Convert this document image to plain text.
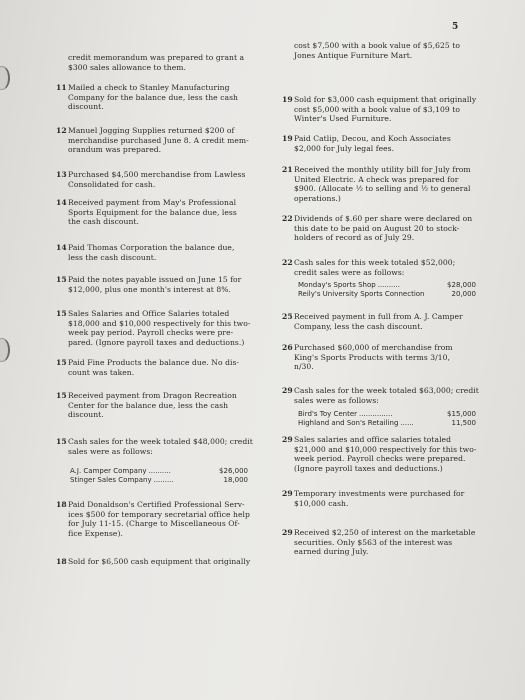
5
credit memorandum was prepared to grant a
$300 sales allowance to them.
11Mailed a check to Stanley Manufacturing
Company for the balance due, less the cash
discount.
12Manuel Jogging Supplies returned $200 of
merchandise purchased June 8. A credit mem-
orandum was prepared.
13Purchased $4,500 merchandise from Lawless
Consolidated for cash.
14Received payment from May's Professional
Sports Equipment for the balance due, less
the cash discount.
14Paid Thomas Corporation the balance due,
less the cash discount.
15Paid the notes payable issued on June 15 for
$12,000, plus one month's interest at 8%.
15Sales Salaries and Office Salaries totaled
$18,000 and $10,000 respectively for this two-
week pay period. Payroll checks were pre-
pared. (Ignore payroll taxes and deductions.)
15Paid Fine Products the balance due. No dis-
count was taken.
15Received payment from Dragon Recreation
Center for the balance due, less the cash
discount.
15Cash sales for the week totaled $48,000; credit
sales were as follows:
18Paid Donaldson's Certified Professional Serv-
ices $500 for temporary secretarial office help
for July 11-15. (Charge to Miscellaneous Of-
fice Expense).
18Sold for $6,500 cash equipment that originally
cost $7,500 with a book value of $5,625 to
Jones Antique Furniture Mart.
19Sold for $3,000 cash equipment that originally
cost $5,000 with a book value of $3,109 to
Winter's Used Furniture.
19Paid Catlip, Decou, and Koch Associates
$2,000 for July legal fees.
21Received the monthly utility bill for July from
United Electric. A check was prepared for
$900. (Allocate ½ to selling and ½ to general
operations.)
22Dividends of $.60 per share were declared on
this date to be paid on August 20 to stock-
holders of record as of July 29.
22Cash sales for this week totaled $52,000;
credit sales were as follows:
25Received payment in full from A. J. Camper
Company, less the cash discount.
26Purchased $60,000 of merchandise from
King's Sports Products with terms 3/10,
n/30.
29Cash sales for the week totaled $63,000; credit
sales were as follows:
29Sales salaries and office salaries totaled
$21,000 and $10,000 respectively for this two-
week period. Payroll checks were prepared.
(Ignore payroll taxes and deductions.)
29Temporary investments were purchased for
$10,000 cash.
29Received $2,250 of interest on the marketable
securities. Only $563 of the interest was
earned during July.
A.J. Camper Company ..........	$26,000
Stinger Sales Company .........	18,000
Monday's Sports Shop ..........	$28,000
Reily's University Sports Connection	20,000
Bird's Toy Center ...............	$15,000
Highland and Son's Retailing ......	11,500
